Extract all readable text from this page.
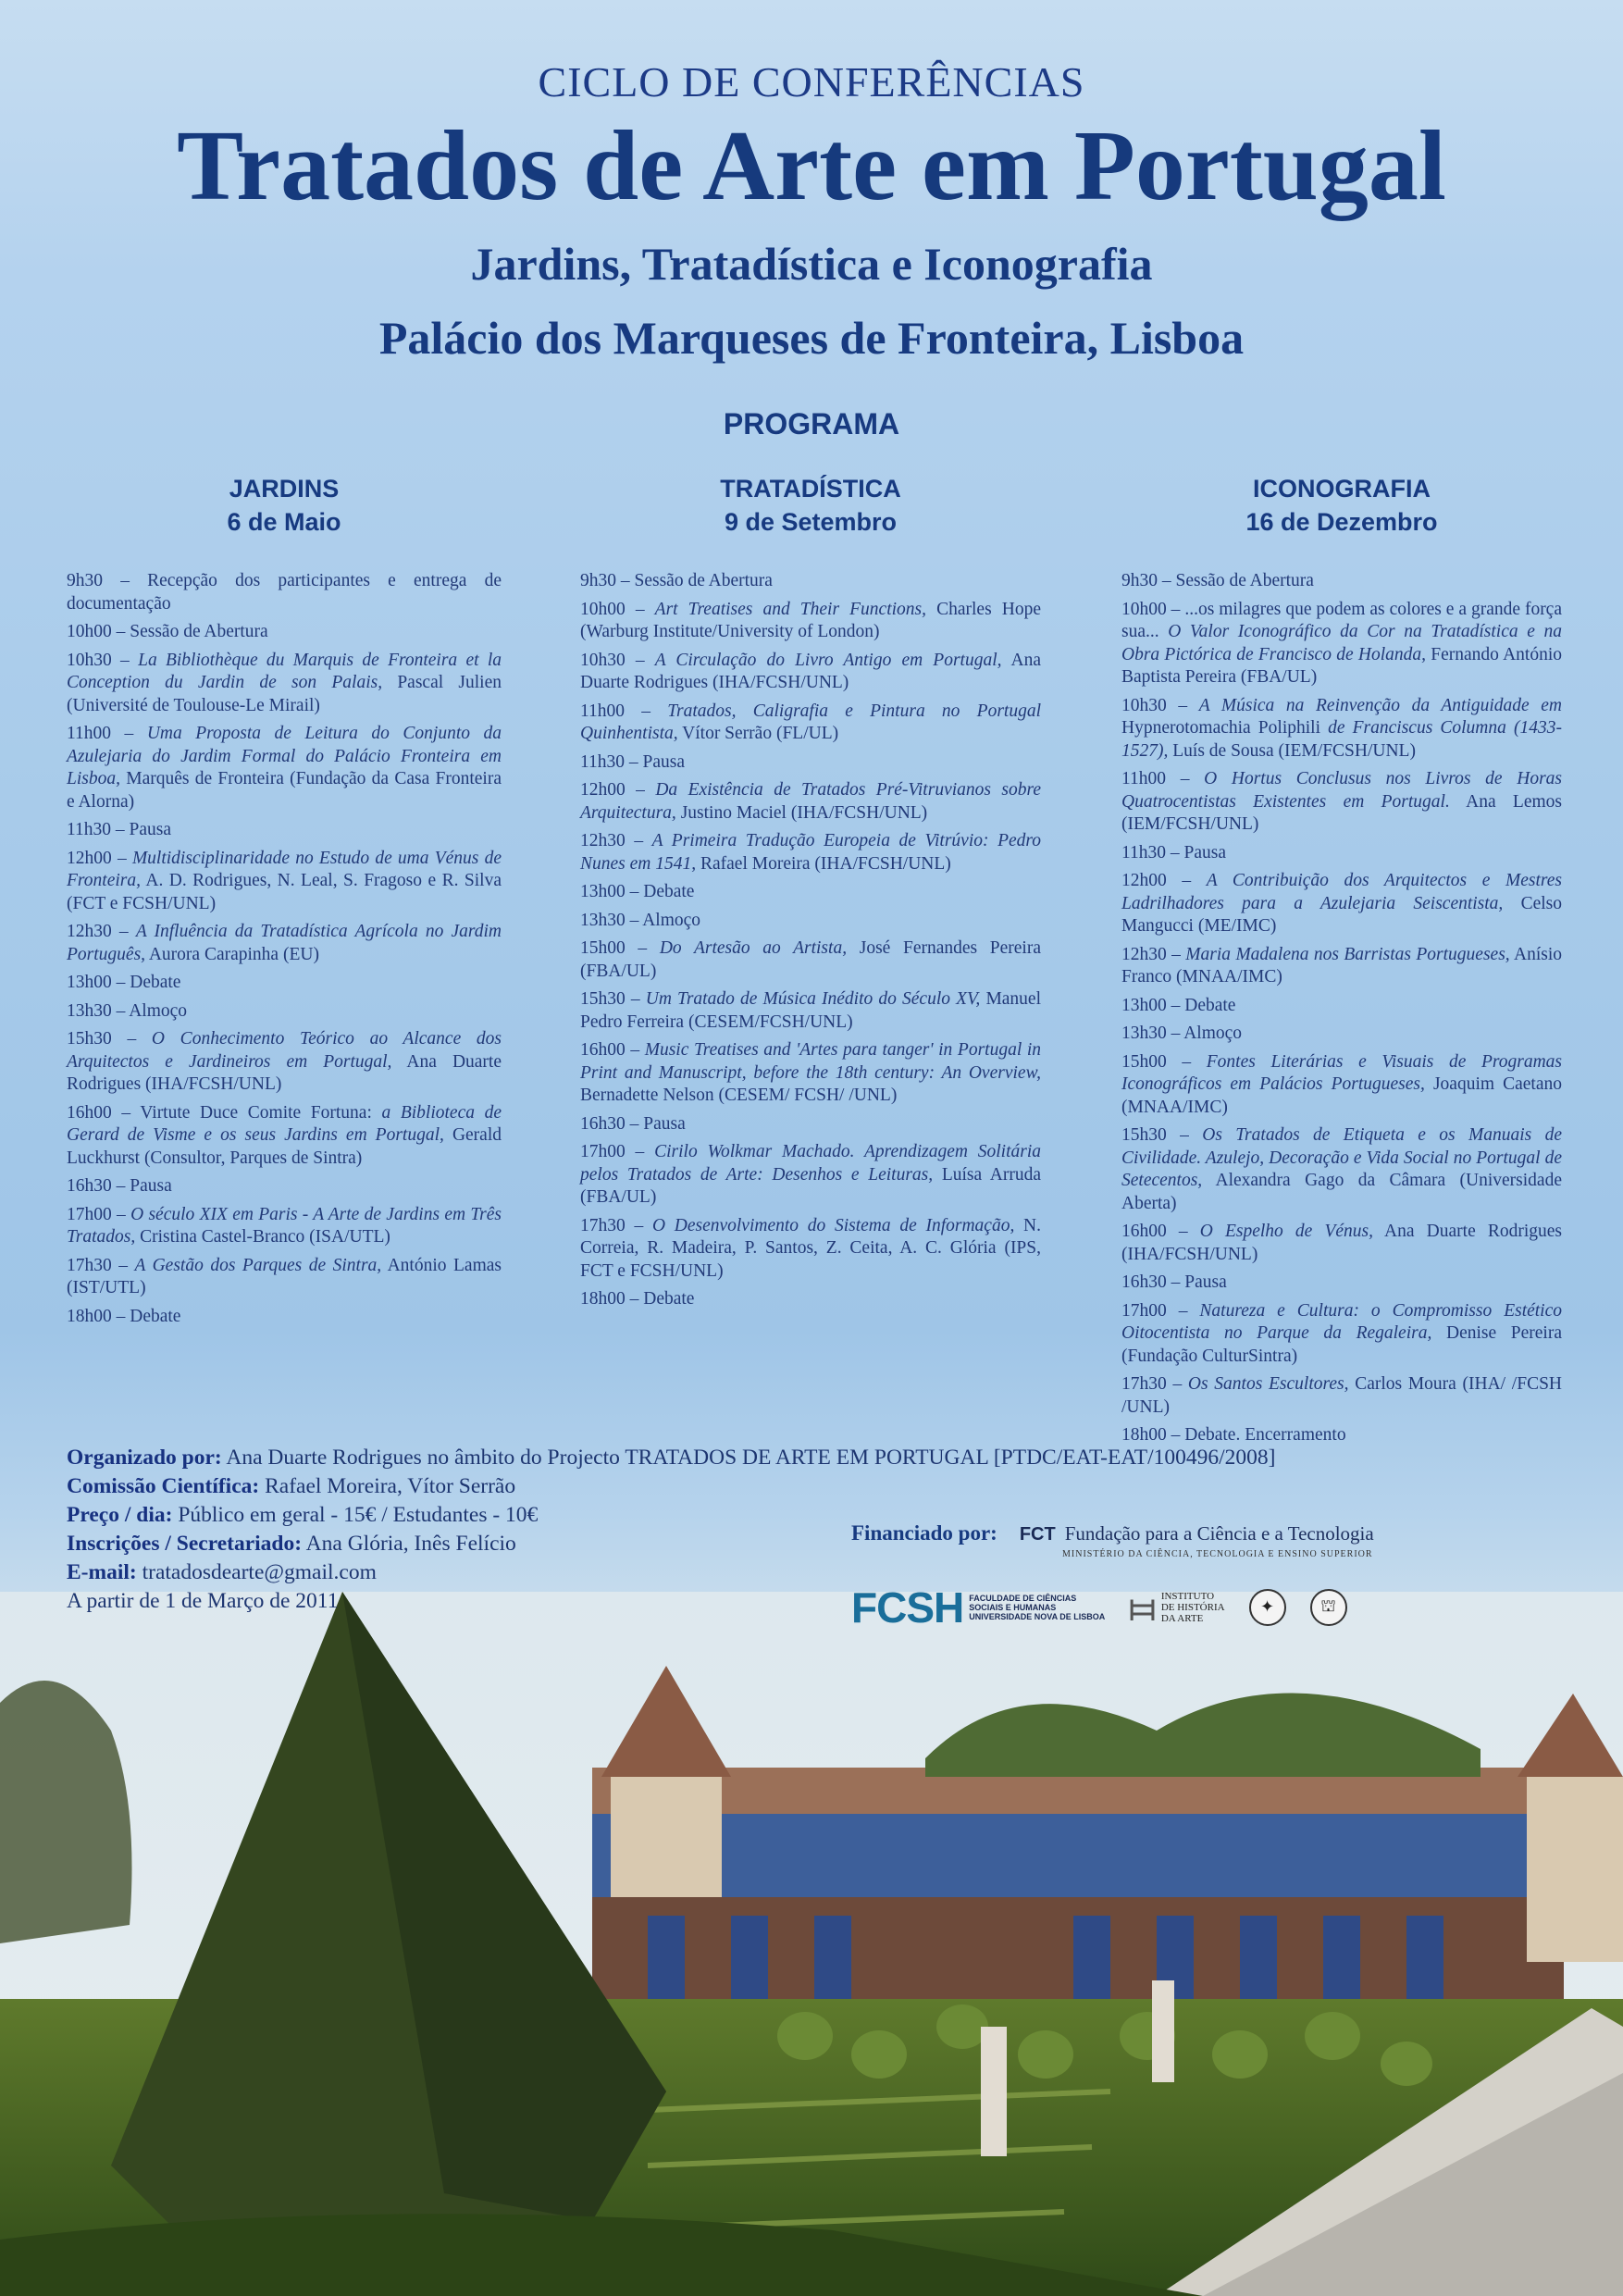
CICLO DE CONFERÊNCIAS
Tratados de Arte em Portugal
Jardins, Tratadística e Iconografia
Palácio dos Marqueses de Fronteira, Lisboa
PROGRAMA
JARDINS
6 de Maio
9h30 – Recepção dos participantes e entrega de documentação
10h00 – Sessão de Abertura
10h30 – La Bibliothèque du Marquis de Fronteira et la Conception du Jardin de son Palais, Pascal Julien (Université de Toulouse-Le Mirail)
11h00 – Uma Proposta de Leitura do Conjunto da Azulejaria do Jardim Formal do Palácio Fronteira em Lisboa, Marquês de Fronteira (Fundação da Casa Fronteira e Alorna)
11h30 – Pausa
12h00 – Multidisciplinaridade no Estudo de uma Vénus de Fronteira, A. D. Rodrigues, N. Leal, S. Fragoso e R. Silva (FCT e FCSH/UNL)
12h30 – A Influência da Tratadística Agrícola no Jardim Português, Aurora Carapinha (EU)
13h00 – Debate
13h30 – Almoço
15h30 – O Conhecimento Teórico ao Alcance dos Arquitectos e Jardineiros em Portugal, Ana Duarte Rodrigues (IHA/FCSH/UNL)
16h00 – Virtute Duce Comite Fortuna: a Biblioteca de Gerard de Visme e os seus Jardins em Portugal, Gerald Luckhurst (Consultor, Parques de Sintra)
16h30 – Pausa
17h00 – O século XIX em Paris - A Arte de Jardins em Três Tratados, Cristina Castel-Branco (ISA/UTL)
17h30 – A Gestão dos Parques de Sintra, António Lamas (IST/UTL)
18h00 – Debate
TRATADÍSTICA
9 de Setembro
9h30 – Sessão de Abertura
10h00 – Art Treatises and Their Functions, Charles Hope (Warburg Institute/University of London)
10h30 – A Circulação do Livro Antigo em Portugal, Ana Duarte Rodrigues (IHA/FCSH/UNL)
11h00 – Tratados, Caligrafia e Pintura no Portugal Quinhentista, Vítor Serrão (FL/UL)
11h30 – Pausa
12h00 – Da Existência de Tratados Pré-Vitruvianos sobre Arquitectura, Justino Maciel (IHA/FCSH/UNL)
12h30 – A Primeira Tradução Europeia de Vitrúvio: Pedro Nunes em 1541, Rafael Moreira (IHA/FCSH/UNL)
13h00 – Debate
13h30 – Almoço
15h00 – Do Artesão ao Artista, José Fernandes Pereira (FBA/UL)
15h30 – Um Tratado de Música Inédito do Século XV, Manuel Pedro Ferreira (CESEM/FCSH/UNL)
16h00 – Music Treatises and 'Artes para tanger' in Portugal in Print and Manuscript, before the 18th century: An Overview, Bernadette Nelson (CESEM/ FCSH/ /UNL)
16h30 – Pausa
17h00 – Cirilo Wolkmar Machado. Aprendizagem Solitária pelos Tratados de Arte: Desenhos e Leituras, Luísa Arruda (FBA/UL)
17h30 – O Desenvolvimento do Sistema de Informação, N. Correia, R. Madeira, P. Santos, Z. Ceita, A. C. Glória (IPS, FCT e FCSH/UNL)
18h00 – Debate
ICONOGRAFIA
16 de Dezembro
9h30 – Sessão de Abertura
10h00 – ...os milagres que podem as colores e a grande força sua... O Valor Iconográfico da Cor na Tratadística e na Obra Pictórica de Francisco de Holanda, Fernando António Baptista Pereira (FBA/UL)
10h30 – A Música na Reinvenção da Antiguidade em Hypnerotomachia Poliphili de Franciscus Columna (1433-1527), Luís de Sousa (IEM/FCSH/UNL)
11h00 – O Hortus Conclusus nos Livros de Horas Quatrocentistas Existentes em Portugal. Ana Lemos (IEM/FCSH/UNL)
11h30 – Pausa
12h00 – A Contribuição dos Arquitectos e Mestres Ladrilhadores para a Azulejaria Seiscentista, Celso Mangucci (ME/IMC)
12h30 – Maria Madalena nos Barristas Portugueses, Anísio Franco (MNAA/IMC)
13h00 – Debate
13h30 – Almoço
15h00 – Fontes Literárias e Visuais de Programas Iconográficos em Palácios Portugueses, Joaquim Caetano (MNAA/IMC)
15h30 – Os Tratados de Etiqueta e os Manuais de Civilidade. Azulejo, Decoração e Vida Social no Portugal de Setecentos, Alexandra Gago da Câmara (Universidade Aberta)
16h00 – O Espelho de Vénus, Ana Duarte Rodrigues (IHA/FCSH/UNL)
16h30 – Pausa
17h00 – Natureza e Cultura: o Compromisso Estético Oitocentista no Parque da Regaleira, Denise Pereira (Fundação CulturSintra)
17h30 – Os Santos Escultores, Carlos Moura (IHA/ /FCSH /UNL)
18h00 – Debate. Encerramento
Organizado por: Ana Duarte Rodrigues no âmbito do Projecto TRATADOS DE ARTE EM PORTUGAL [PTDC/EAT-EAT/100496/2008]
Comissão Científica: Rafael Moreira, Vítor Serrão
Preço / dia: Público em geral - 15€ / Estudantes - 10€
Inscrições / Secretariado: Ana Glória, Inês Felício
E-mail: tratadosdearte@gmail.com
A partir de 1 de Março de 2011
Financiado por: FCT Fundação para a Ciência e a Tecnologia
MINISTÉRIO DA CIÊNCIA, TECNOLOGIA E ENSINO SUPERIOR
FCSH FACULDADE DE CIÊNCIAS
SOCIAIS E HUMANAS
UNIVERSIDADE NOVA DE LISBOA ⧦ INSTITUTO
DE HISTÓRIA
DA ARTE
✦	⛫
